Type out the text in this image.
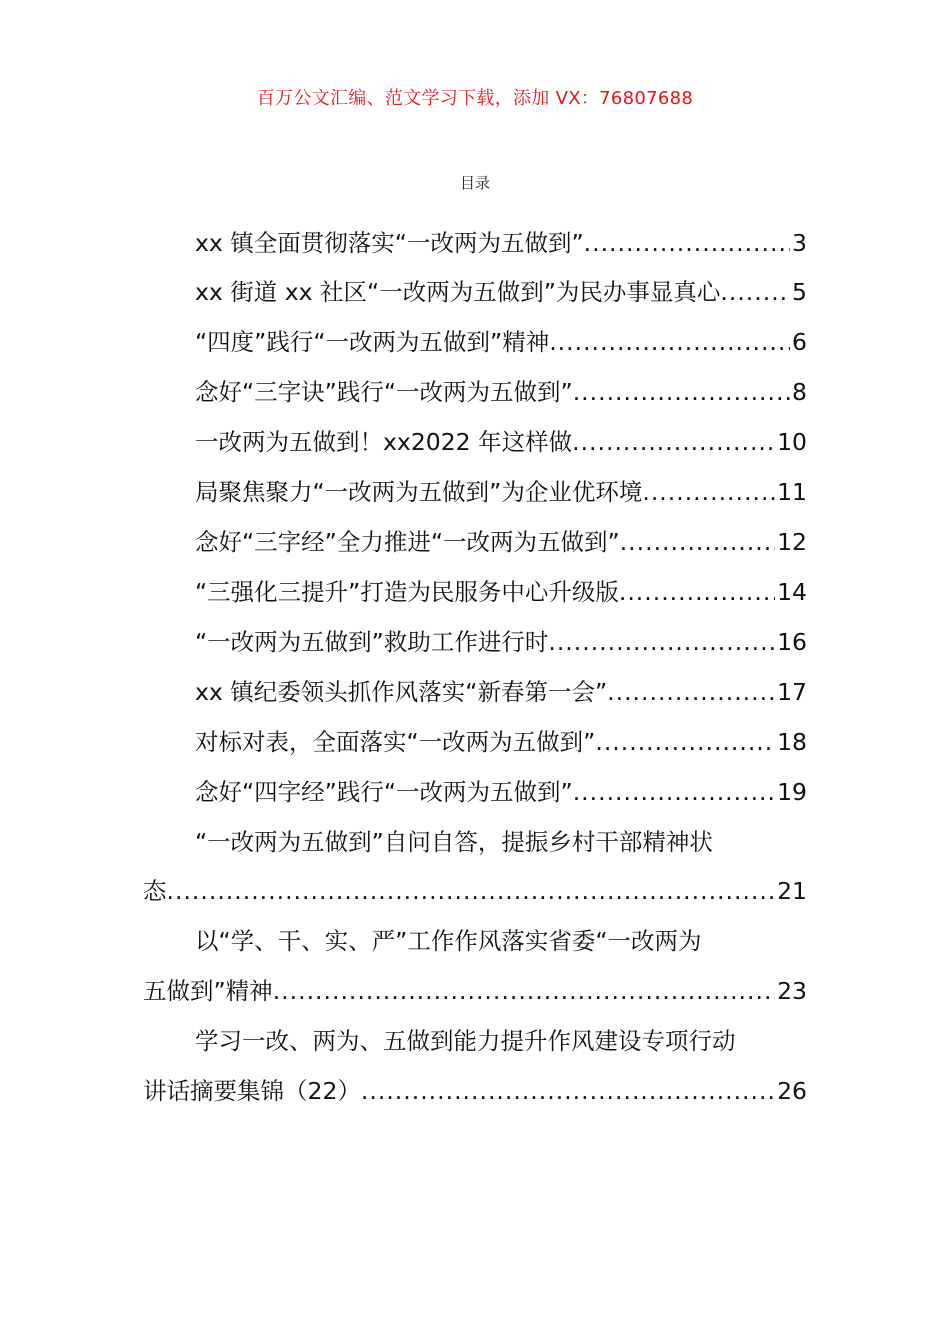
百万公文汇编、范文学习下载，添加 VX：76807688
目录
xx 镇全面贯彻落实“一改两为五做到” .....	3
xx 街道 xx 社区“一改两为五做到”为民办事显真心 .....	5
“四度”践行“一改两为五做到”精神 .....	6
念好“三字诀”践行“一改两为五做到” .....	8
一改两为五做到！xx2022 年这样做 .....	10
局聚焦聚力“一改两为五做到”为企业优环境 .....	11
念好“三字经”全力推进“一改两为五做到” .....	12
“三强化三提升”打造为民服务中心升级版 .....	14
“一改两为五做到”救助工作进行时 .....	16
xx 镇纪委领头抓作风落实“新春第一会” .....	17
对标对表，全面落实“一改两为五做到” .....	18
念好“四字经”践行“一改两为五做到” .....	19
“一改两为五做到”自问自答，提振乡村干部精神状
态 .....	21
以“学、干、实、严”工作作风落实省委“一改两为
五做到”精神 .....	23
学习一改、两为、五做到能力提升作风建设专项行动
讲话摘要集锦（22） .....	26
